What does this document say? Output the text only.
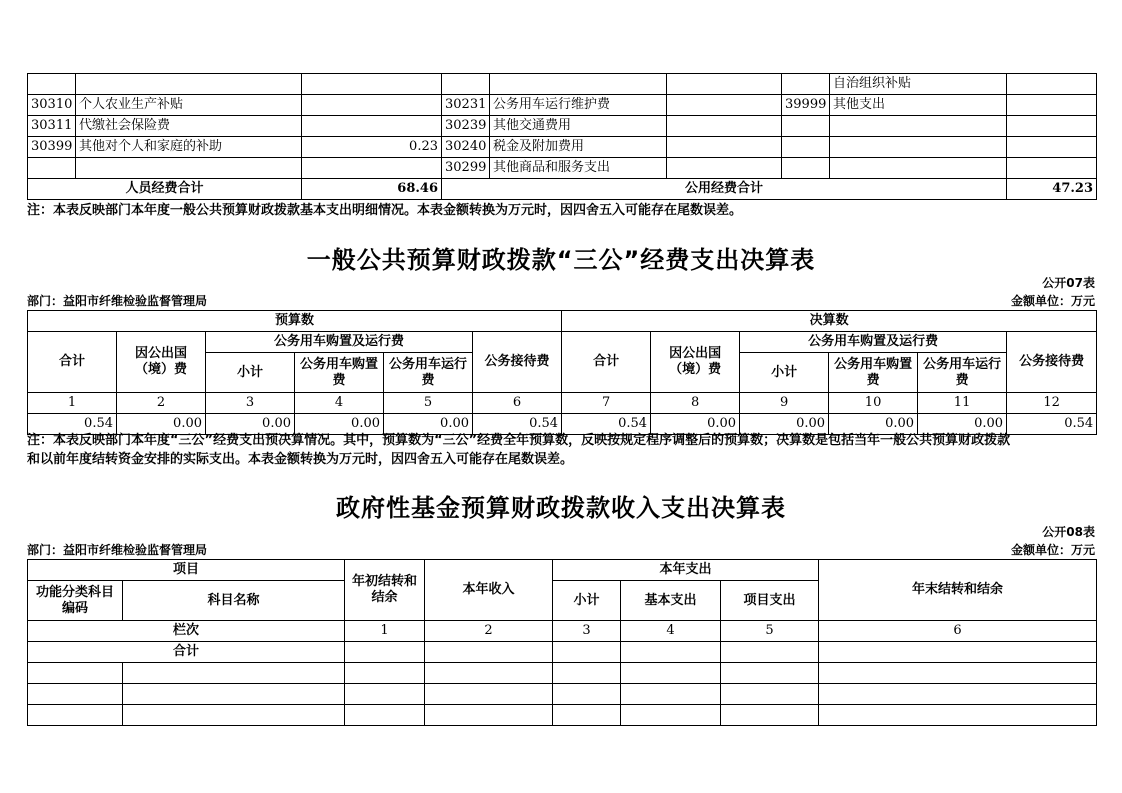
							自治组织补贴	
30310	个人农业生产补贴		30231	公务用车运行维护费		39999	其他支出	
30311	代缴社会保险费		30239	其他交通费用				
30399	其他对个人和家庭的补助	0.23	30240	税金及附加费用				
			30299	其他商品和服务支出				
人员经费合计		68.46	公用经费合计					47.23
注：本表反映部门本年度一般公共预算财政拨款基本支出明细情况。本表金额转换为万元时，因四舍五入可能存在尾数误差。
一般公共预算财政拨款“三公”经费支出决算表
公开07表
部门：益阳市纤维检验监督管理局	金额单位：万元
预算数						决算数					
合计	因公出国（境）费	公务用车购置及运行费			公务接待费	合计	因公出国（境）费	公务用车购置及运行费			公务接待费
		小计	公务用车购置费	公务用车运行费				小计	公务用车购置费	公务用车运行费	
1	2	3	4	5	6	7	8	9	10	11	12
0.54	0.00	0.00	0.00	0.00	0.54	0.54	0.00	0.00	0.00	0.00	0.54
注：本表反映部门本年度“三公”经费支出预决算情况。其中，预算数为“三公”经费全年预算数，反映按规定程序调整后的预算数；决算数是包括当年一般公共预算财政拨款
和以前年度结转资金安排的实际支出。本表金额转换为万元时，因四舍五入可能存在尾数误差。
政府性基金预算财政拨款收入支出决算表
公开08表
部门：益阳市纤维检验监督管理局	金额单位：万元
项目		年初结转和结余	本年收入	本年支出			年末结转和结余
功能分类科目编码	科目名称			小计	基本支出	项目支出	
栏次		1	2	3	4	5	6
合计							
